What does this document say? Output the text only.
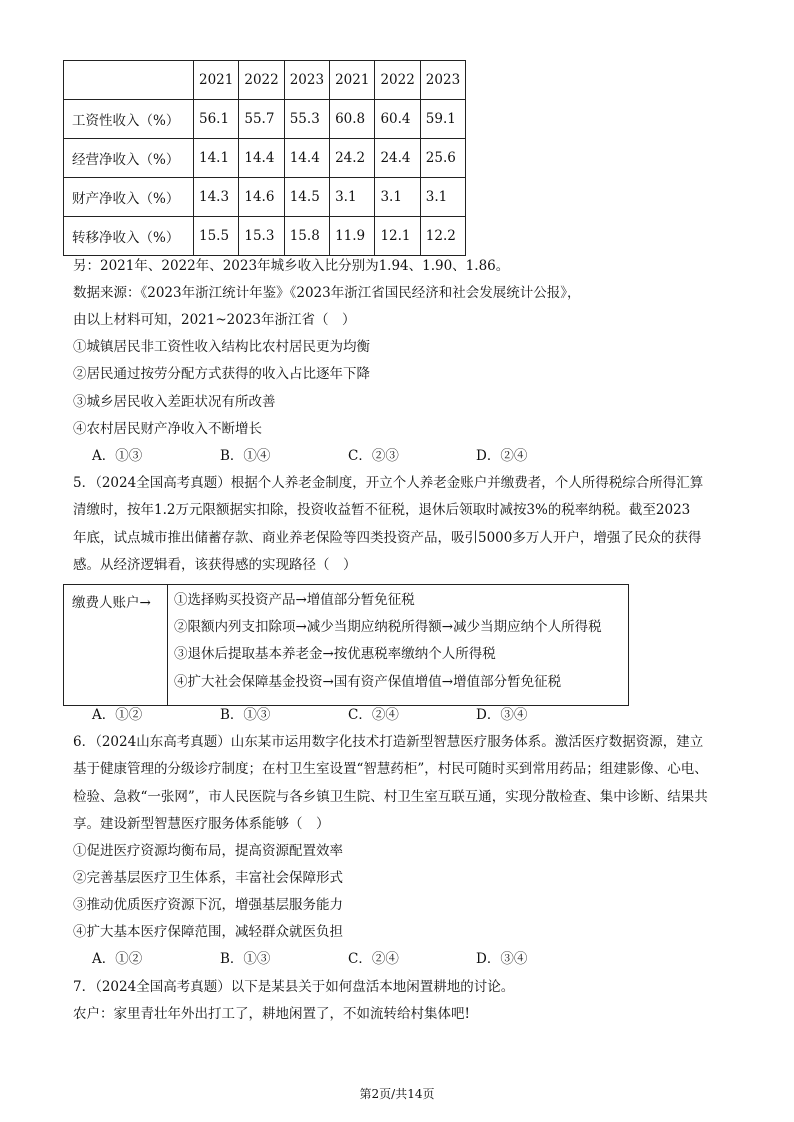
	2021	2022	2023	2021	2022	2023
工资性收入（%）	56.1	55.7	55.3	60.8	60.4	59.1
经营净收入（%）	14.1	14.4	14.4	24.2	24.4	25.6
财产净收入（%）	14.3	14.6	14.5	3.1	3.1	3.1
转移净收入（%）	15.5	15.3	15.8	11.9	12.1	12.2
另：2021年、2022年、2023年城乡收入比分别为1.94、1.90、1.86。
数据来源：《2023年浙江统计年鉴》《2023年浙江省国民经济和社会发展统计公报》，
由以上材料可知，2021~2023年浙江省（　）
①城镇居民非工资性收入结构比农村居民更为均衡
②居民通过按劳分配方式获得的收入占比逐年下降
③城乡居民收入差距状况有所改善
④农村居民财产净收入不断增长
A．①③	B．①④	C．②③	D．②④
5．（2024全国高考真题）根据个人养老金制度，开立个人养老金账户并缴费者，个人所得税综合所得汇算
清缴时，按年1.2万元限额据实扣除，投资收益暂不征税，退休后领取时减按3%的税率纳税。截至2023
年底，试点城市推出储蓄存款、商业养老保险等四类投资产品，吸引5000多万人开户，增强了民众的获得
感。从经济逻辑看，该获得感的实现路径（　）
缴费人账户→ ①选择购买投资产品→增值部分暂免征税
②限额内列支扣除项→减少当期应纳税所得额→减少当期应纳个人所得税
③退休后提取基本养老金→按优惠税率缴纳个人所得税
④扩大社会保障基金投资→国有资产保值增值→增值部分暂免征税
A．①②	B．①③	C．②④	D．③④
6．（2024山东高考真题）山东某市运用数字化技术打造新型智慧医疗服务体系。激活医疗数据资源，建立
基于健康管理的分级诊疗制度；在村卫生室设置“智慧药柜”，村民可随时买到常用药品；组建影像、心电、
检验、急救“一张网”，市人民医院与各乡镇卫生院、村卫生室互联互通，实现分散检查、集中诊断、结果共
享。建设新型智慧医疗服务体系能够（　）
①促进医疗资源均衡布局，提高资源配置效率
②完善基层医疗卫生体系，丰富社会保障形式
③推动优质医疗资源下沉，增强基层服务能力
④扩大基本医疗保障范围，减轻群众就医负担
A．①②	B．①③	C．②④	D．③④
7．（2024全国高考真题）以下是某县关于如何盘活本地闲置耕地的讨论。
农户：家里青壮年外出打工了，耕地闲置了，不如流转给村集体吧!
第2页/共14页
